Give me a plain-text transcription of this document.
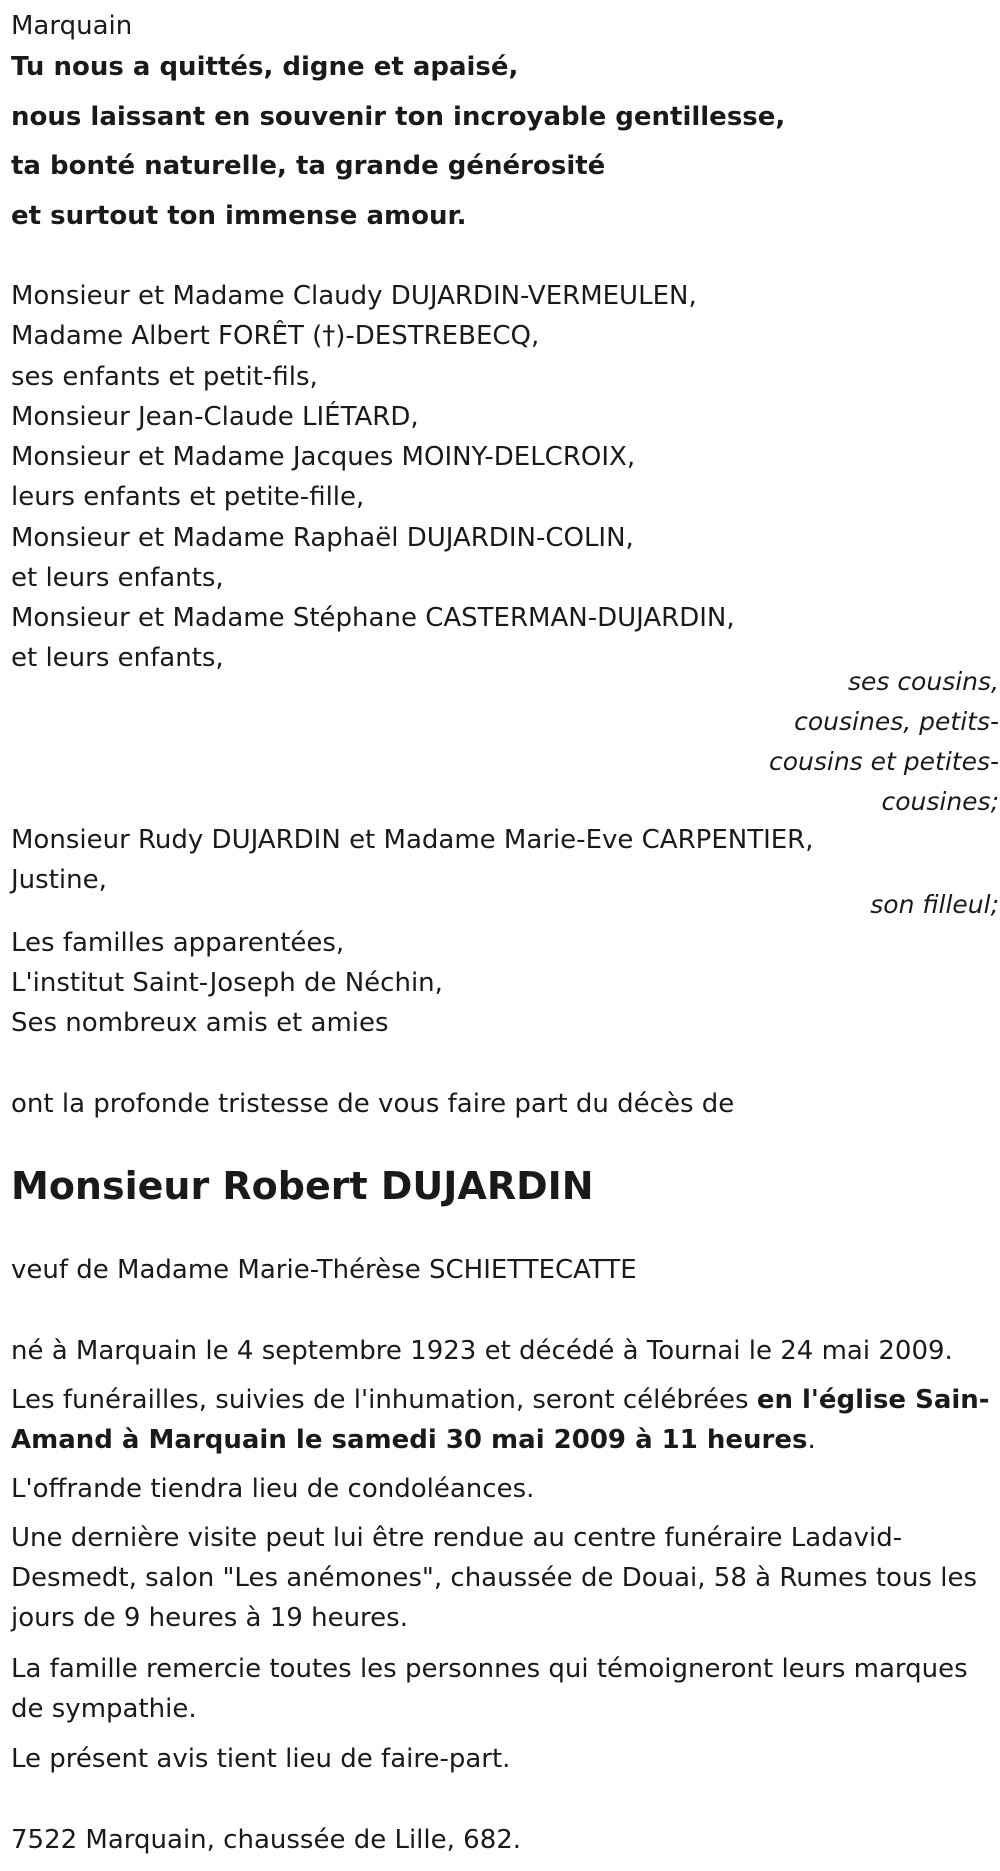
Marquain
Tu nous a quittés, digne et apaisé,
nous laissant en souvenir ton incroyable gentillesse,
ta bonté naturelle, ta grande générosité
et surtout ton immense amour.
Monsieur et Madame Claudy DUJARDIN-VERMEULEN,
Madame Albert FORÊT (†)-DESTREBECQ,
ses enfants et petit-fils,
Monsieur Jean-Claude LIÉTARD,
Monsieur et Madame Jacques MOINY-DELCROIX,
leurs enfants et petite-fille,
Monsieur et Madame Raphaël DUJARDIN-COLIN,
et leurs enfants,
Monsieur et Madame Stéphane CASTERMAN-DUJARDIN,
et leurs enfants,
ses cousins,
cousines, petits-
cousins et petites-
cousines;
Monsieur Rudy DUJARDIN et Madame Marie-Eve CARPENTIER,
Justine,
son filleul;
Les familles apparentées,
L'institut Saint-Joseph de Néchin,
Ses nombreux amis et amies
ont la profonde tristesse de vous faire part du décès de
Monsieur Robert DUJARDIN
veuf de Madame Marie-Thérèse SCHIETTECATTE
né à Marquain le 4 septembre 1923 et décédé à Tournai le 24 mai 2009.
Les funérailles, suivies de l'inhumation, seront célébrées en l'église Sain-Amand à Marquain le samedi 30 mai 2009 à 11 heures.
L'offrande tiendra lieu de condoléances.
Une dernière visite peut lui être rendue au centre funéraire Ladavid-Desmedt, salon "Les anémones", chaussée de Douai, 58 à Rumes tous les jours de 9 heures à 19 heures.
La famille remercie toutes les personnes qui témoigneront leurs marques de sympathie.
Le présent avis tient lieu de faire-part.
7522 Marquain, chaussée de Lille, 682.
